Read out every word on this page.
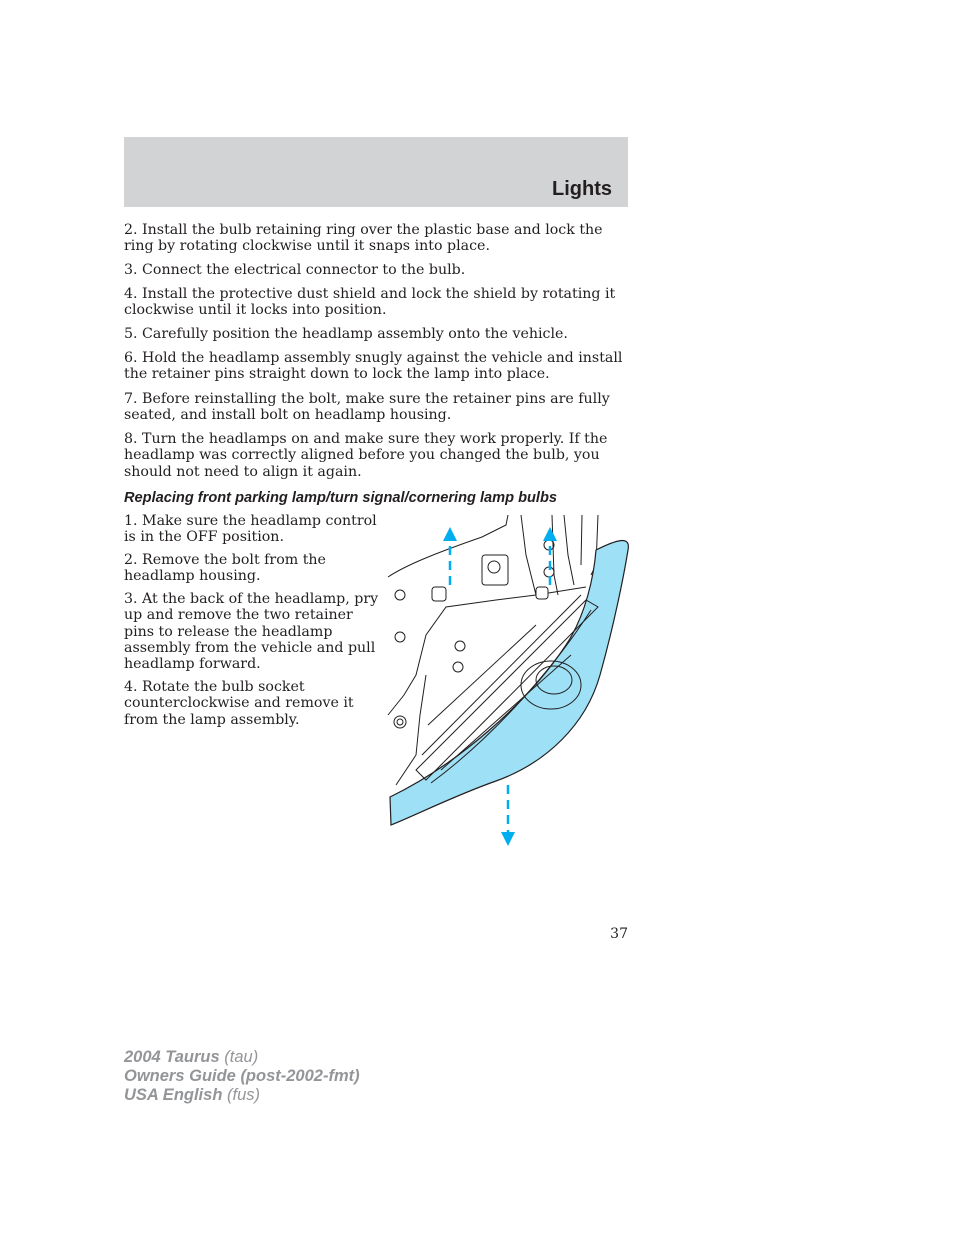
Lights

2. Install the bulb retaining ring over the plastic base and lock the ring by rotating clockwise until it snaps into place.

3. Connect the electrical connector to the bulb.

4. Install the protective dust shield and lock the shield by rotating it clockwise until it locks into position.

5. Carefully position the headlamp assembly onto the vehicle.

6. Hold the headlamp assembly snugly against the vehicle and install the retainer pins straight down to lock the lamp into place.

7. Before reinstalling the bolt, make sure the retainer pins are fully seated, and install bolt on headlamp housing.

8. Turn the headlamps on and make sure they work properly. If the headlamp was correctly aligned before you changed the bulb, you should not need to align it again.

Replacing front parking lamp/turn signal/cornering lamp bulbs

1. Make sure the headlamp control is in the OFF position.

2. Remove the bolt from the headlamp housing.

3. At the back of the headlamp, pry up and remove the two retainer pins to release the headlamp assembly from the vehicle and pull headlamp forward.

4. Rotate the bulb socket counterclockwise and remove it from the lamp assembly.

37

2004 Taurus (tau)
Owners Guide (post-2002-fmt)
USA English (fus)
